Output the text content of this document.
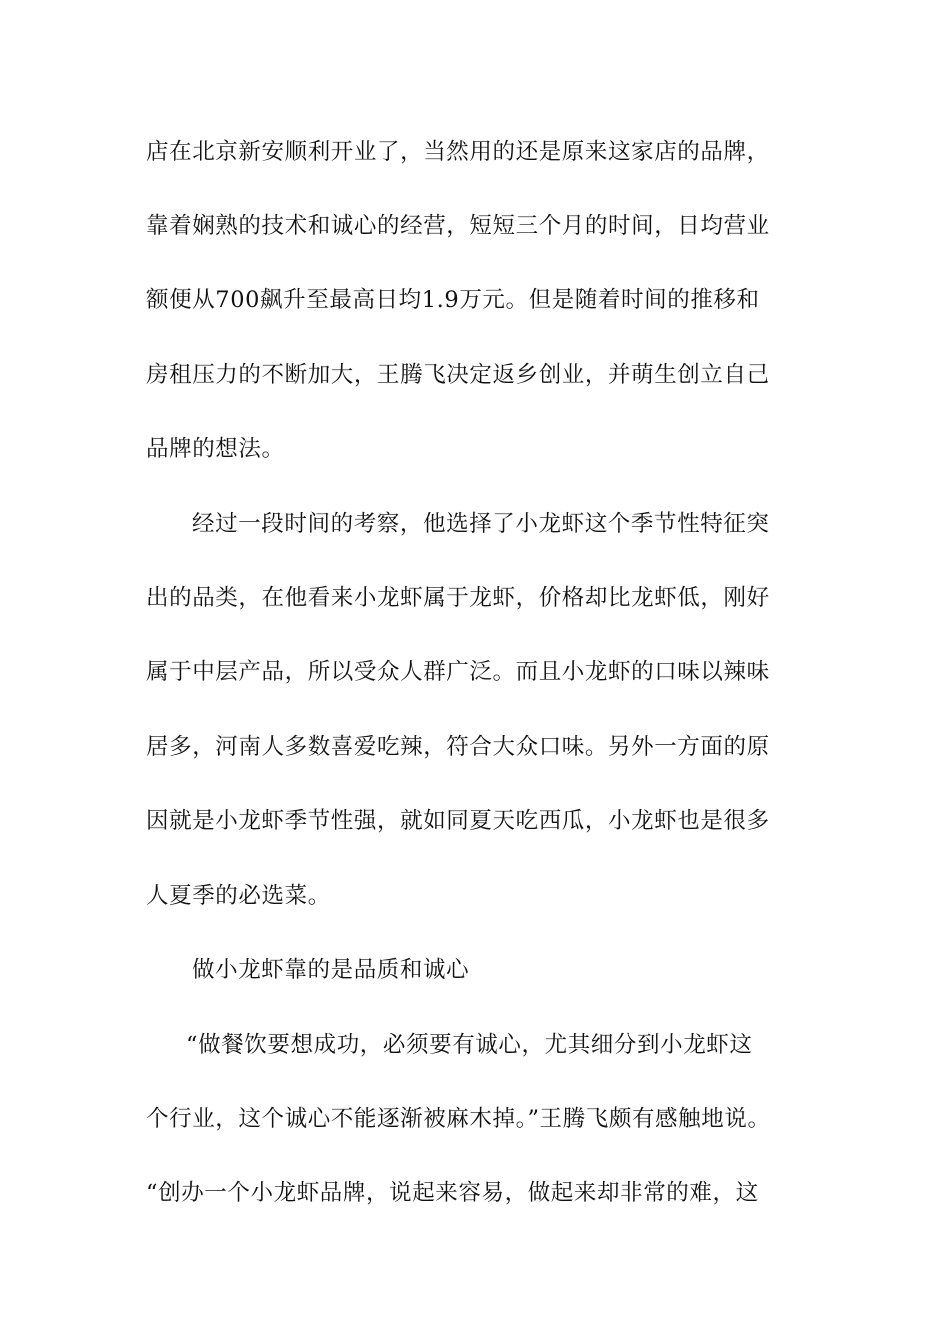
店在北京新安顺利开业了，当然用的还是原来这家店的品牌，
靠着娴熟的技术和诚心的经营，短短三个月的时间，日均营业
额便从700飙升至最高日均1.9万元。但是随着时间的推移和
房租压力的不断加大，王腾飞决定返乡创业，并萌生创立自己
品牌的想法。
经过一段时间的考察，他选择了小龙虾这个季节性特征突
出的品类，在他看来小龙虾属于龙虾，价格却比龙虾低，刚好
属于中层产品，所以受众人群广泛。而且小龙虾的口味以辣味
居多，河南人多数喜爱吃辣，符合大众口味。另外一方面的原
因就是小龙虾季节性强，就如同夏天吃西瓜，小龙虾也是很多
人夏季的必选菜。
做小龙虾靠的是品质和诚心
“做餐饮要想成功，必须要有诚心，尤其细分到小龙虾这
个行业，这个诚心不能逐渐被麻木掉。”王腾飞颇有感触地说。
“创办一个小龙虾品牌，说起来容易，做起来却非常的难，这
